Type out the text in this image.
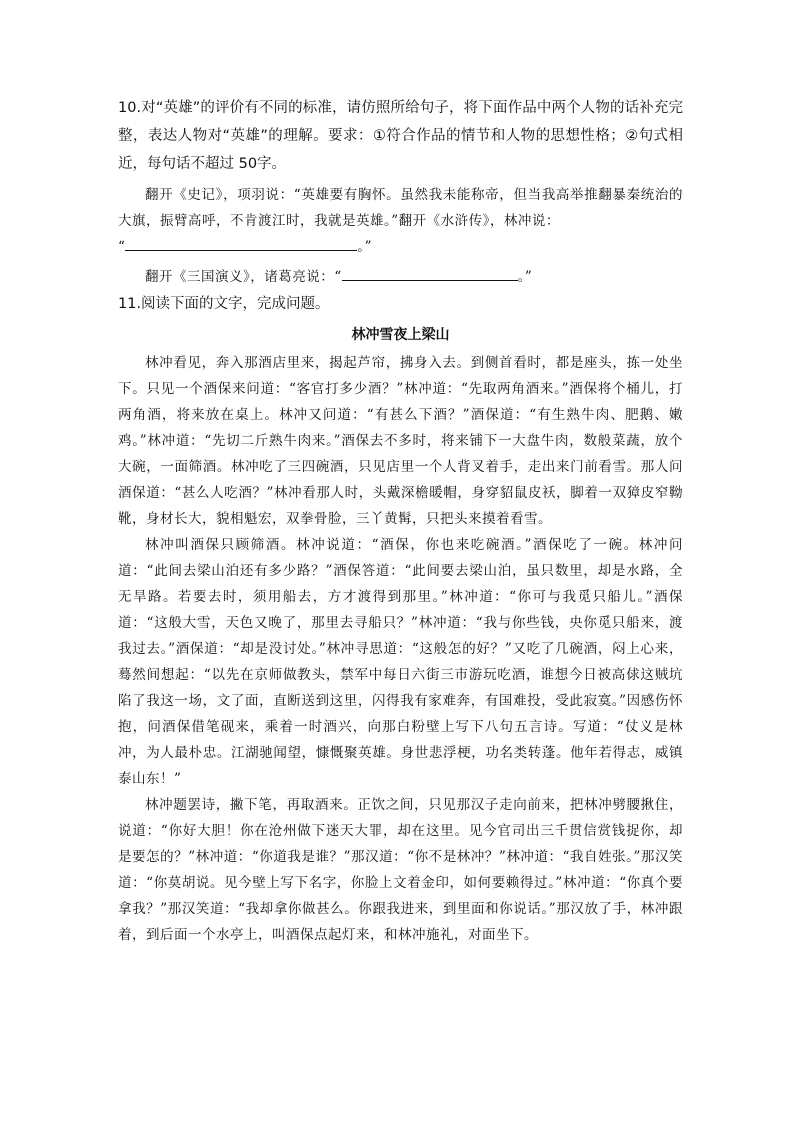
10.对“英雄”的评价有不同的标准，请仿照所给句子，将下面作品中两个人物的话补充完整，表达人物对“英雄”的理解。要求：①符合作品的情节和人物的思想性格；②句式相近，每句话不超过 50字。

翻开《史记》，项羽说：“英雄要有胸怀。虽然我未能称帝，但当我高举推翻暴秦统治的大旗，振臂高呼，不肯渡江时，我就是英雄。”翻开《水浒传》，林冲说：

“	。”

翻开《三国演义》，诸葛亮说：“	。”

11.阅读下面的文字，完成问题。

林冲雪夜上梁山

林冲看见，奔入那酒店里来，揭起芦帘，拂身入去。到侧首看时，都是座头，拣一处坐下。只见一个酒保来问道：“客官打多少酒？”林冲道：“先取两角酒来。”酒保将个桶儿，打两角酒，将来放在桌上。林冲又问道：“有甚么下酒？”酒保道：“有生熟牛肉、肥鹅、嫩鸡。”林冲道：“先切二斤熟牛肉来。”酒保去不多时，将来铺下一大盘牛肉，数般菜蔬，放个大碗，一面筛酒。林冲吃了三四碗酒，只见店里一个人背叉着手，走出来门前看雪。那人问酒保道：“甚么人吃酒？”林冲看那人时，头戴深檐暖帽，身穿貂鼠皮袄，脚着一双獐皮窄靿靴，身材长大，貌相魁宏，双拳骨脸，三丫黄髯，只把头来摸着看雪。

林冲叫酒保只顾筛酒。林冲说道：“酒保，你也来吃碗酒。”酒保吃了一碗。林冲问道：“此间去梁山泊还有多少路？”酒保答道：“此间要去梁山泊，虽只数里，却是水路，全无旱路。若要去时，须用船去，方才渡得到那里。”林冲道：“你可与我觅只船儿。”酒保道：“这般大雪，天色又晚了，那里去寻船只？”林冲道：“我与你些钱，央你觅只船来，渡我过去。”酒保道：“却是没讨处。”林冲寻思道：“这般怎的好？”又吃了几碗酒，闷上心来，蓦然间想起：“以先在京师做教头，禁军中每日六街三市游玩吃酒，谁想今日被高俅这贼坑陷了我这一场，文了面，直断送到这里，闪得我有家难奔，有国难投，受此寂寞。”因感伤怀抱，问酒保借笔砚来，乘着一时酒兴，向那白粉壁上写下八句五言诗。写道：“仗义是林冲，为人最朴忠。江湖驰闻望，慷慨聚英雄。身世悲浮梗，功名类转蓬。他年若得志，威镇泰山东！”

林冲题罢诗，撇下笔，再取酒来。正饮之间，只见那汉子走向前来，把林冲劈腰揪住，说道：“你好大胆！你在沧州做下迷天大罪，却在这里。见今官司出三千贯信赏钱捉你，却是要怎的？”林冲道：“你道我是谁？”那汉道：“你不是林冲？”林冲道：“我自姓张。”那汉笑道：“你莫胡说。见今壁上写下名字，你脸上文着金印，如何要赖得过。”林冲道：“你真个要拿我？”那汉笑道：“我却拿你做甚么。你跟我进来，到里面和你说话。”那汉放了手，林冲跟着，到后面一个水亭上，叫酒保点起灯来，和林冲施礼，对面坐下。
